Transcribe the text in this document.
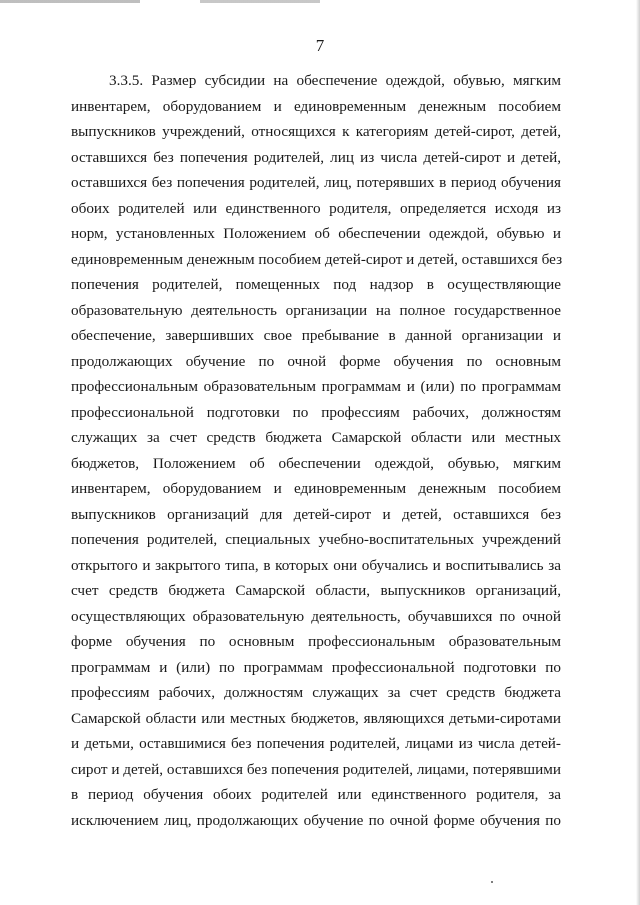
7
3.3.5. Размер субсидии на обеспечение одеждой, обувью, мягким
инвентарем, оборудованием и единовременным денежным пособием
выпускников учреждений, относящихся к категориям детей-сирот, детей,
оставшихся без попечения родителей, лиц из числа детей-сирот и детей,
оставшихся без попечения родителей, лиц, потерявших в период обучения
обоих родителей или единственного родителя, определяется исходя из
норм, установленных Положением об обеспечении одеждой, обувью и
единовременным денежным пособием детей-сирот и детей, оставшихся без
попечения родителей, помещенных под надзор в осуществляющие
образовательную деятельность организации на полное государственное
обеспечение, завершивших свое пребывание в данной организации и
продолжающих обучение по очной форме обучения по основным
профессиональным образовательным программам и (или) по программам
профессиональной подготовки по профессиям рабочих, должностям
служащих за счет средств бюджета Самарской области или местных
бюджетов, Положением об обеспечении одеждой, обувью, мягким
инвентарем, оборудованием и единовременным денежным пособием
выпускников организаций для детей-сирот и детей, оставшихся без
попечения родителей, специальных учебно-воспитательных учреждений
открытого и закрытого типа, в которых они обучались и воспитывались за
счет средств бюджета Самарской области, выпускников организаций,
осуществляющих образовательную деятельность, обучавшихся по очной
форме обучения по основным профессиональным образовательным
программам и (или) по программам профессиональной подготовки по
профессиям рабочих, должностям служащих за счет средств бюджета
Самарской области или местных бюджетов, являющихся детьми-сиротами
и детьми, оставшимися без попечения родителей, лицами из числа детей-
сирот и детей, оставшихся без попечения родителей, лицами, потерявшими
в период обучения обоих родителей или единственного родителя, за
исключением лиц, продолжающих обучение по очной форме обучения по
